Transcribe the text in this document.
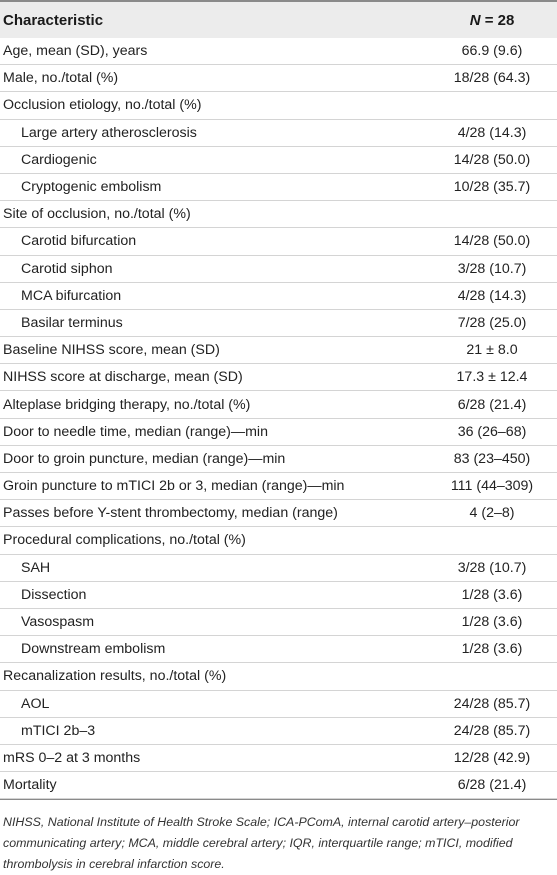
Characteristic	N = 28
Age, mean (SD), years	66.9 (9.6)
Male, no./total (%)	18/28 (64.3)
Occlusion etiology, no./total (%)
Large artery atherosclerosis	4/28 (14.3)
Cardiogenic	14/28 (50.0)
Cryptogenic embolism	10/28 (35.7)
Site of occlusion, no./total (%)
Carotid bifurcation	14/28 (50.0)
Carotid siphon	3/28 (10.7)
MCA bifurcation	4/28 (14.3)
Basilar terminus	7/28 (25.0)
Baseline NIHSS score, mean (SD)	21 ± 8.0
NIHSS score at discharge, mean (SD)	17.3 ± 12.4
Alteplase bridging therapy, no./total (%)	6/28 (21.4)
Door to needle time, median (range)—min	36 (26–68)
Door to groin puncture, median (range)—min	83 (23–450)
Groin puncture to mTICI 2b or 3, median (range)—min	111 (44–309)
Passes before Y-stent thrombectomy, median (range)	4 (2–8)
Procedural complications, no./total (%)
SAH	3/28 (10.7)
Dissection	1/28 (3.6)
Vasospasm	1/28 (3.6)
Downstream embolism	1/28 (3.6)
Recanalization results, no./total (%)
AOL	24/28 (85.7)
mTICI 2b–3	24/28 (85.7)
mRS 0–2 at 3 months	12/28 (42.9)
Mortality	6/28 (21.4)
NIHSS, National Institute of Health Stroke Scale; ICA-PComA, internal carotid artery–posterior communicating artery; MCA, middle cerebral artery; IQR, interquartile range; mTICI, modified thrombolysis in cerebral infarction score.
